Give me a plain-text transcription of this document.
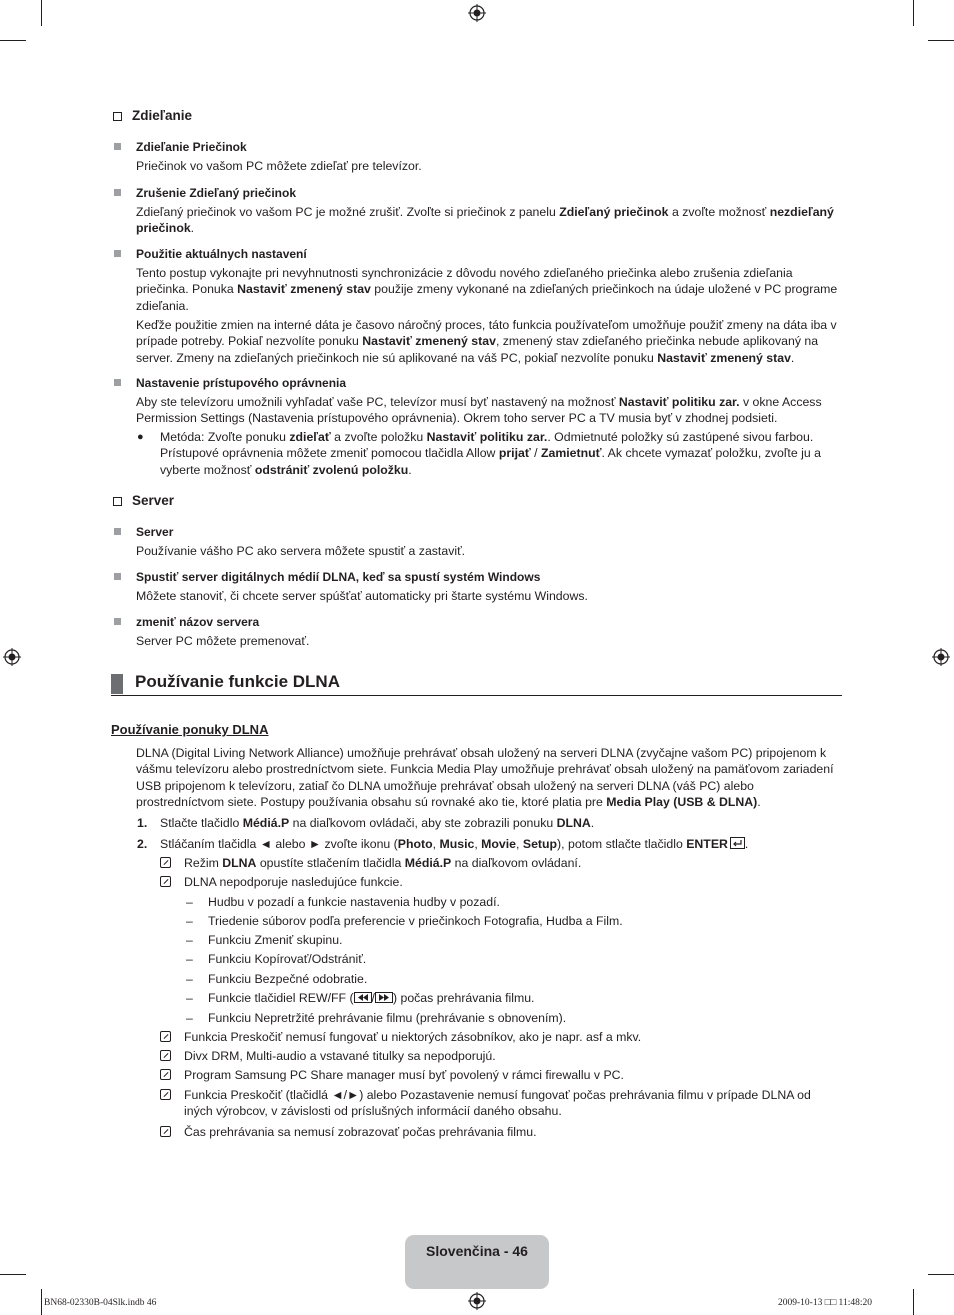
Zdieľanie
Zdieľanie Priečinok
Priečinok vo vašom PC môžete zdieľať pre televízor.
Zrušenie Zdieľaný priečinok
Zdieľaný priečinok vo vašom PC je možné zrušiť. Zvoľte si priečinok z panelu Zdieľaný priečinok a zvoľte možnosť nezdieľaný priečinok.
Použitie aktuálnych nastavení
Tento postup vykonajte pri nevyhnutnosti synchronizácie z dôvodu nového zdieľaného priečinka alebo zrušenia zdieľania priečinka. Ponuka Nastaviť zmenený stav použije zmeny vykonané na zdieľaných priečinkoch na údaje uložené v PC programe zdieľania.
Keďže použitie zmien na interné dáta je časovo náročný proces, táto funkcia používateľom umožňuje použiť zmeny na dáta iba v prípade potreby. Pokiaľ nezvolíte ponuku Nastaviť zmenený stav, zmenený stav zdieľaného priečinka nebude aplikovaný na server. Zmeny na zdieľaných priečinkoch nie sú aplikované na váš PC, pokiaľ nezvolíte ponuku Nastaviť zmenený stav.
Nastavenie prístupového oprávnenia
Aby ste televízoru umožnili vyhľadať vaše PC, televízor musí byť nastavený na možnosť Nastaviť politiku zar. v okne Access Permission Settings (Nastavenia prístupového oprávnenia). Okrem toho server PC a TV musia byť v zhodnej podsieti.
● Metóda: Zvoľte ponuku zdieľať a zvoľte položku Nastaviť politiku zar.. Odmietnuté položky sú zastúpené sivou farbou. Prístupové oprávnenia môžete zmeniť pomocou tlačidla Allow prijať / Zamietnuť. Ak chcete vymazať položku, zvoľte ju a vyberte možnosť odstrániť zvolenú položku.
Server
Server
Používanie vášho PC ako servera môžete spustiť a zastaviť.
Spustiť server digitálnych médií DLNA, keď sa spustí systém Windows
Môžete stanoviť, či chcete server spúšťať automaticky pri štarte systému Windows.
zmeniť názov servera
Server PC môžete premenovať.
Používanie funkcie DLNA
Používanie ponuky DLNA
DLNA (Digital Living Network Alliance) umožňuje prehrávať obsah uložený na serveri DLNA (zvyčajne vašom PC) pripojenom k vášmu televízoru alebo prostredníctvom siete. Funkcia Media Play umožňuje prehrávať obsah uložený na pamäťovom zariadení USB pripojenom k televízoru, zatiaľ čo DLNA umožňuje prehrávať obsah uložený na serveri DLNA (váš PC) alebo prostredníctvom siete. Postupy používania obsahu sú rovnaké ako tie, ktoré platia pre Media Play (USB & DLNA).
1. Stlačte tlačidlo Médiá.P na diaľkovom ovládači, aby ste zobrazili ponuku DLNA.
2. Stláčaním tlačidla ◄ alebo ► zvoľte ikonu (Photo, Music, Movie, Setup), potom stlačte tlačidlo ENTER .
Režim DLNA opustíte stlačením tlačidla Médiá.P na diaľkovom ovládaní.
DLNA nepodporuje nasledujúce funkcie.
– Hudbu v pozadí a funkcie nastavenia hudby v pozadí.
– Triedenie súborov podľa preferencie v priečinkoch Fotografia, Hudba a Film.
– Funkciu Zmeniť skupinu.
– Funkciu Kopírovať/Odstrániť.
– Funkciu Bezpečné odobratie.
– Funkcie tlačidiel REW/FF ( / ) počas prehrávania filmu.
– Funkciu Nepretržité prehrávanie filmu (prehrávanie s obnovením).
Funkcia Preskočiť nemusí fungovať u niektorých zásobníkov, ako je napr. asf a mkv.
Divx DRM, Multi-audio a vstavané titulky sa nepodporujú.
Program Samsung PC Share manager musí byť povolený v rámci firewallu v PC.
Funkcia Preskočiť (tlačidlá ◄/►) alebo Pozastavenie nemusí fungovať počas prehrávania filmu v prípade DLNA od iných výrobcov, v závislosti od príslušných informácií daného obsahu.
Čas prehrávania sa nemusí zobrazovať počas prehrávania filmu.
Slovenčina - 46
BN68-02330B-04Slk.indb 46	2009-10-13 □□ 11:48:20
